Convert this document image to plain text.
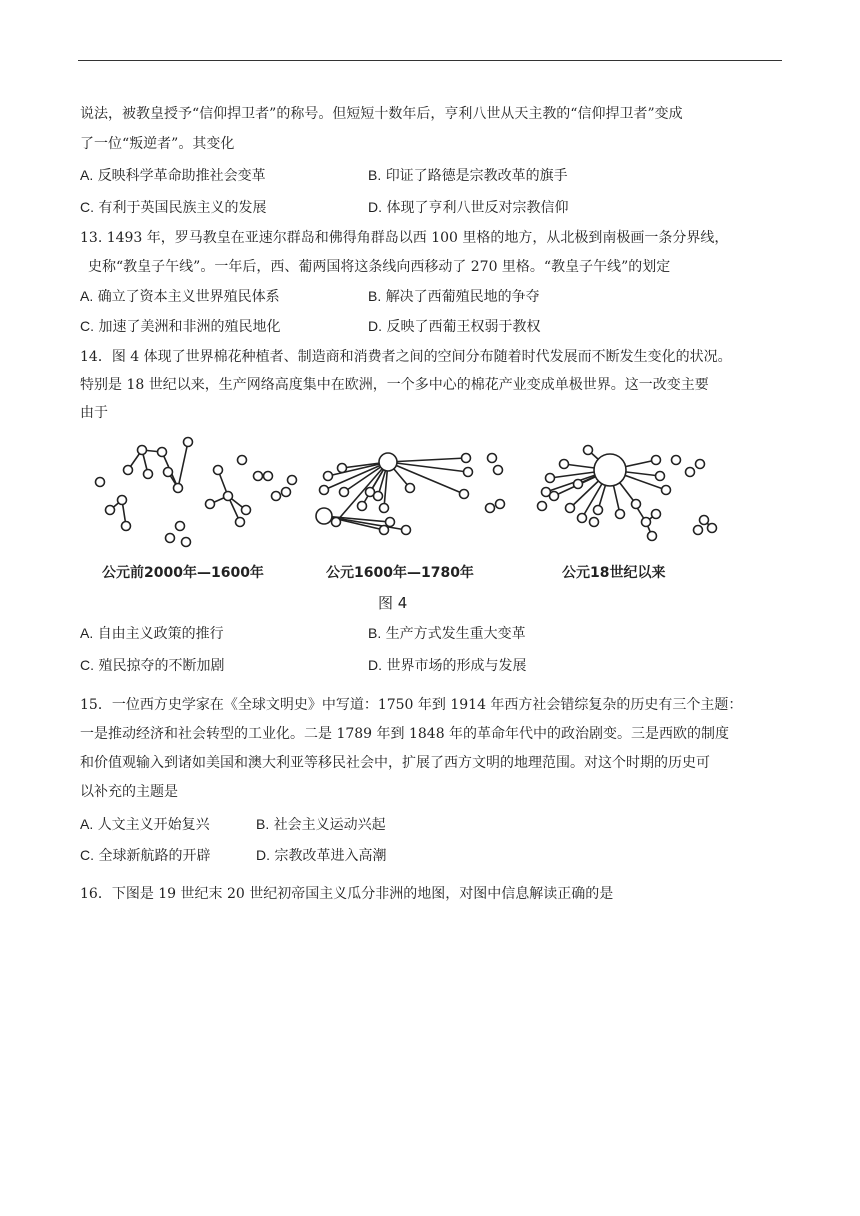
说法，被教皇授予“信仰捍卫者”的称号。但短短十数年后，亨利八世从天主教的“信仰捍卫者”变成
了一位“叛逆者”。其变化
A. 反映科学革命助推社会变革	B. 印证了路德是宗教改革的旗手
C. 有利于英国民族主义的发展	D. 体现了亨利八世反对宗教信仰
13. 1493 年，罗马教皇在亚速尔群岛和佛得角群岛以西 100 里格的地方，从北极到南极画一条分界线，
史称“教皇子午线”。一年后，西、葡两国将这条线向西移动了 270 里格。“教皇子午线”的划定
A. 确立了资本主义世界殖民体系	B. 解决了西葡殖民地的争夺
C. 加速了美洲和非洲的殖民地化	D. 反映了西葡王权弱于教权
14．图 4 体现了世界棉花种植者、制造商和消费者之间的空间分布随着时代发展而不断发生变化的状况。
特别是 18 世纪以来，生产网络高度集中在欧洲，一个多中心的棉花产业变成单极世界。这一改变主要
由于
公元前2000年—1600年	公元1600年—1780年	公元18世纪以来
图 4
A. 自由主义政策的推行	B. 生产方式发生重大变革
C. 殖民掠夺的不断加剧	D. 世界市场的形成与发展
15．一位西方史学家在《全球文明史》中写道：1750 年到 1914 年西方社会错综复杂的历史有三个主题：
一是推动经济和社会转型的工业化。二是 1789 年到 1848 年的革命年代中的政治剧变。三是西欧的制度
和价值观输入到诸如美国和澳大利亚等移民社会中，扩展了西方文明的地理范围。对这个时期的历史可
以补充的主题是
A. 人文主义开始复兴	B. 社会主义运动兴起
C. 全球新航路的开辟	D. 宗教改革进入高潮
16．下图是 19 世纪末 20 世纪初帝国主义瓜分非洲的地图，对图中信息解读正确的是
